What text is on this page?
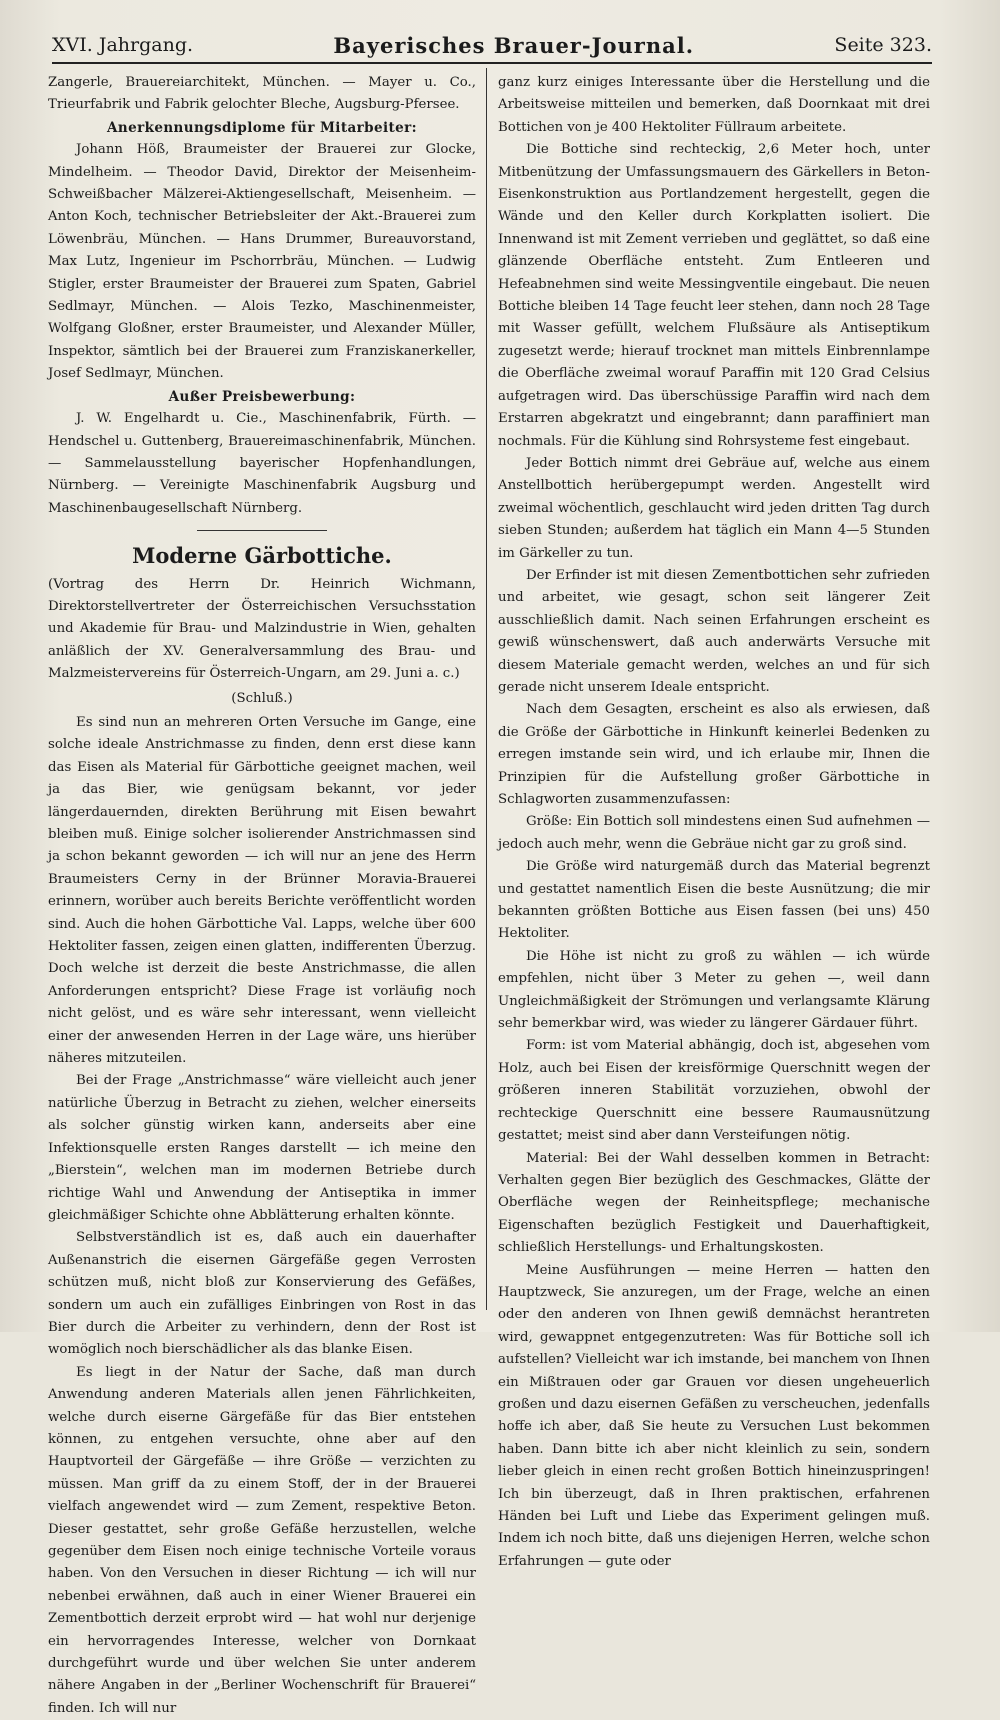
XVI. Jahrgang.	Bayerisches Brauer-Journal.	Seite 323.

Zangerle, Brauereiarchitekt, München. — Mayer u. Co., Trieurfabrik und Fabrik gelochter Bleche, Augsburg-Pfersee.

Anerkennungsdiplome für Mitarbeiter:

Johann Höß, Braumeister der Brauerei zur Glocke, Mindelheim. — Theodor David, Direktor der Meisenheim-Schweißbacher Mälzerei-Aktiengesellschaft, Meisenheim. — Anton Koch, technischer Betriebsleiter der Akt.-Brauerei zum Löwenbräu, München. — Hans Drummer, Bureauvorstand, Max Lutz, Ingenieur im Pschorrbräu, München. — Ludwig Stigler, erster Braumeister der Brauerei zum Spaten, Gabriel Sedlmayr, München. — Alois Tezko, Maschinenmeister, Wolfgang Gloßner, erster Braumeister, und Alexander Müller, Inspektor, sämtlich bei der Brauerei zum Franziskanerkeller, Josef Sedlmayr, München.

Außer Preisbewerbung:

J. W. Engelhardt u. Cie., Maschinenfabrik, Fürth. — Hendschel u. Guttenberg, Brauereimaschinenfabrik, München. — Sammelausstellung bayerischer Hopfenhandlungen, Nürnberg. — Vereinigte Maschinenfabrik Augsburg und Maschinenbaugesellschaft Nürnberg.

Moderne Gärbottiche.

(Vortrag des Herrn Dr. Heinrich Wichmann, Direktorstellvertreter der Österreichischen Versuchsstation und Akademie für Brau- und Malzindustrie in Wien, gehalten anläßlich der XV. Generalversammlung des Brau- und Malzmeistervereins für Österreich-Ungarn, am 29. Juni a. c.)

(Schluß.)

Es sind nun an mehreren Orten Versuche im Gange, eine solche ideale Anstrichmasse zu finden, denn erst diese kann das Eisen als Material für Gärbottiche geeignet machen, weil ja das Bier, wie genügsam bekannt, vor jeder längerdauernden, direkten Berührung mit Eisen bewahrt bleiben muß. Einige solcher isolierender Anstrichmassen sind ja schon bekannt geworden — ich will nur an jene des Herrn Braumeisters Cerny in der Brünner Moravia-Brauerei erinnern, worüber auch bereits Berichte veröffentlicht worden sind. Auch die hohen Gärbottiche Val. Lapps, welche über 600 Hektoliter fassen, zeigen einen glatten, indifferenten Überzug. Doch welche ist derzeit die beste Anstrichmasse, die allen Anforderungen entspricht? Diese Frage ist vorläufig noch nicht gelöst, und es wäre sehr interessant, wenn vielleicht einer der anwesenden Herren in der Lage wäre, uns hierüber näheres mitzuteilen.

Bei der Frage „Anstrichmasse“ wäre vielleicht auch jener natürliche Überzug in Betracht zu ziehen, welcher einerseits als solcher günstig wirken kann, anderseits aber eine Infektionsquelle ersten Ranges darstellt — ich meine den „Bierstein“, welchen man im modernen Betriebe durch richtige Wahl und Anwendung der Antiseptika in immer gleichmäßiger Schichte ohne Abblätterung erhalten könnte.

Selbstverständlich ist es, daß auch ein dauerhafter Außenanstrich die eisernen Gärgefäße gegen Verrosten schützen muß, nicht bloß zur Konservierung des Gefäßes, sondern um auch ein zufälliges Einbringen von Rost in das Bier durch die Arbeiter zu verhindern, denn der Rost ist womöglich noch bierschädlicher als das blanke Eisen.

Es liegt in der Natur der Sache, daß man durch Anwendung anderen Materials allen jenen Fährlichkeiten, welche durch eiserne Gärgefäße für das Bier entstehen können, zu entgehen versuchte, ohne aber auf den Hauptvorteil der Gärgefäße — ihre Größe — verzichten zu müssen. Man griff da zu einem Stoff, der in der Brauerei vielfach angewendet wird — zum Zement, respektive Beton. Dieser gestattet, sehr große Gefäße herzustellen, welche gegenüber dem Eisen noch einige technische Vorteile voraus haben. Von den Versuchen in dieser Richtung — ich will nur nebenbei erwähnen, daß auch in einer Wiener Brauerei ein Zementbottich derzeit erprobt wird — hat wohl nur derjenige ein hervorragendes Interesse, welcher von Dornkaat durchgeführt wurde und über welchen Sie unter anderem nähere Angaben in der „Berliner Wochenschrift für Brauerei“ finden. Ich will nur

ganz kurz einiges Interessante über die Herstellung und die Arbeitsweise mitteilen und bemerken, daß Doornkaat mit drei Bottichen von je 400 Hektoliter Füllraum arbeitete.

Die Bottiche sind rechteckig, 2,6 Meter hoch, unter Mitbenützung der Umfassungsmauern des Gärkellers in Beton-Eisenkonstruktion aus Portlandzement hergestellt, gegen die Wände und den Keller durch Korkplatten isoliert. Die Innenwand ist mit Zement verrieben und geglättet, so daß eine glänzende Oberfläche entsteht. Zum Entleeren und Hefeabnehmen sind weite Messingventile eingebaut. Die neuen Bottiche bleiben 14 Tage feucht leer stehen, dann noch 28 Tage mit Wasser gefüllt, welchem Flußsäure als Antiseptikum zugesetzt werde; hierauf trocknet man mittels Einbrennlampe die Oberfläche zweimal worauf Paraffin mit 120 Grad Celsius aufgetragen wird. Das überschüssige Paraffin wird nach dem Erstarren abgekratzt und eingebrannt; dann paraffiniert man nochmals. Für die Kühlung sind Rohrsysteme fest eingebaut.

Jeder Bottich nimmt drei Gebräue auf, welche aus einem Anstellbottich herübergepumpt werden. Angestellt wird zweimal wöchentlich, geschlaucht wird jeden dritten Tag durch sieben Stunden; außerdem hat täglich ein Mann 4—5 Stunden im Gärkeller zu tun.

Der Erfinder ist mit diesen Zementbottichen sehr zufrieden und arbeitet, wie gesagt, schon seit längerer Zeit ausschließlich damit. Nach seinen Erfahrungen erscheint es gewiß wünschenswert, daß auch anderwärts Versuche mit diesem Materiale gemacht werden, welches an und für sich gerade nicht unserem Ideale entspricht.

Nach dem Gesagten, erscheint es also als erwiesen, daß die Größe der Gärbottiche in Hinkunft keinerlei Bedenken zu erregen imstande sein wird, und ich erlaube mir, Ihnen die Prinzipien für die Aufstellung großer Gärbottiche in Schlagworten zusammenzufassen:

Größe: Ein Bottich soll mindestens einen Sud aufnehmen — jedoch auch mehr, wenn die Gebräue nicht gar zu groß sind.

Die Größe wird naturgemäß durch das Material begrenzt und gestattet namentlich Eisen die beste Ausnützung; die mir bekannten größten Bottiche aus Eisen fassen (bei uns) 450 Hektoliter.

Die Höhe ist nicht zu groß zu wählen — ich würde empfehlen, nicht über 3 Meter zu gehen —, weil dann Ungleichmäßigkeit der Strömungen und verlangsamte Klärung sehr bemerkbar wird, was wieder zu längerer Gärdauer führt.

Form: ist vom Material abhängig, doch ist, abgesehen vom Holz, auch bei Eisen der kreisförmige Querschnitt wegen der größeren inneren Stabilität vorzuziehen, obwohl der rechteckige Querschnitt eine bessere Raumausnützung gestattet; meist sind aber dann Versteifungen nötig.

Material: Bei der Wahl desselben kommen in Betracht: Verhalten gegen Bier bezüglich des Geschmackes, Glätte der Oberfläche wegen der Reinheitspflege; mechanische Eigenschaften bezüglich Festigkeit und Dauerhaftigkeit, schließlich Herstellungs- und Erhaltungskosten.

Meine Ausführungen — meine Herren — hatten den Hauptzweck, Sie anzuregen, um der Frage, welche an einen oder den anderen von Ihnen gewiß demnächst herantreten wird, gewappnet entgegenzutreten: Was für Bottiche soll ich aufstellen? Vielleicht war ich imstande, bei manchem von Ihnen ein Mißtrauen oder gar Grauen vor diesen ungeheuerlich großen und dazu eisernen Gefäßen zu verscheuchen, jedenfalls hoffe ich aber, daß Sie heute zu Versuchen Lust bekommen haben. Dann bitte ich aber nicht kleinlich zu sein, sondern lieber gleich in einen recht großen Bottich hineinzuspringen! Ich bin überzeugt, daß in Ihren praktischen, erfahrenen Händen bei Luft und Liebe das Experiment gelingen muß. Indem ich noch bitte, daß uns diejenigen Herren, welche schon Erfahrungen — gute oder
